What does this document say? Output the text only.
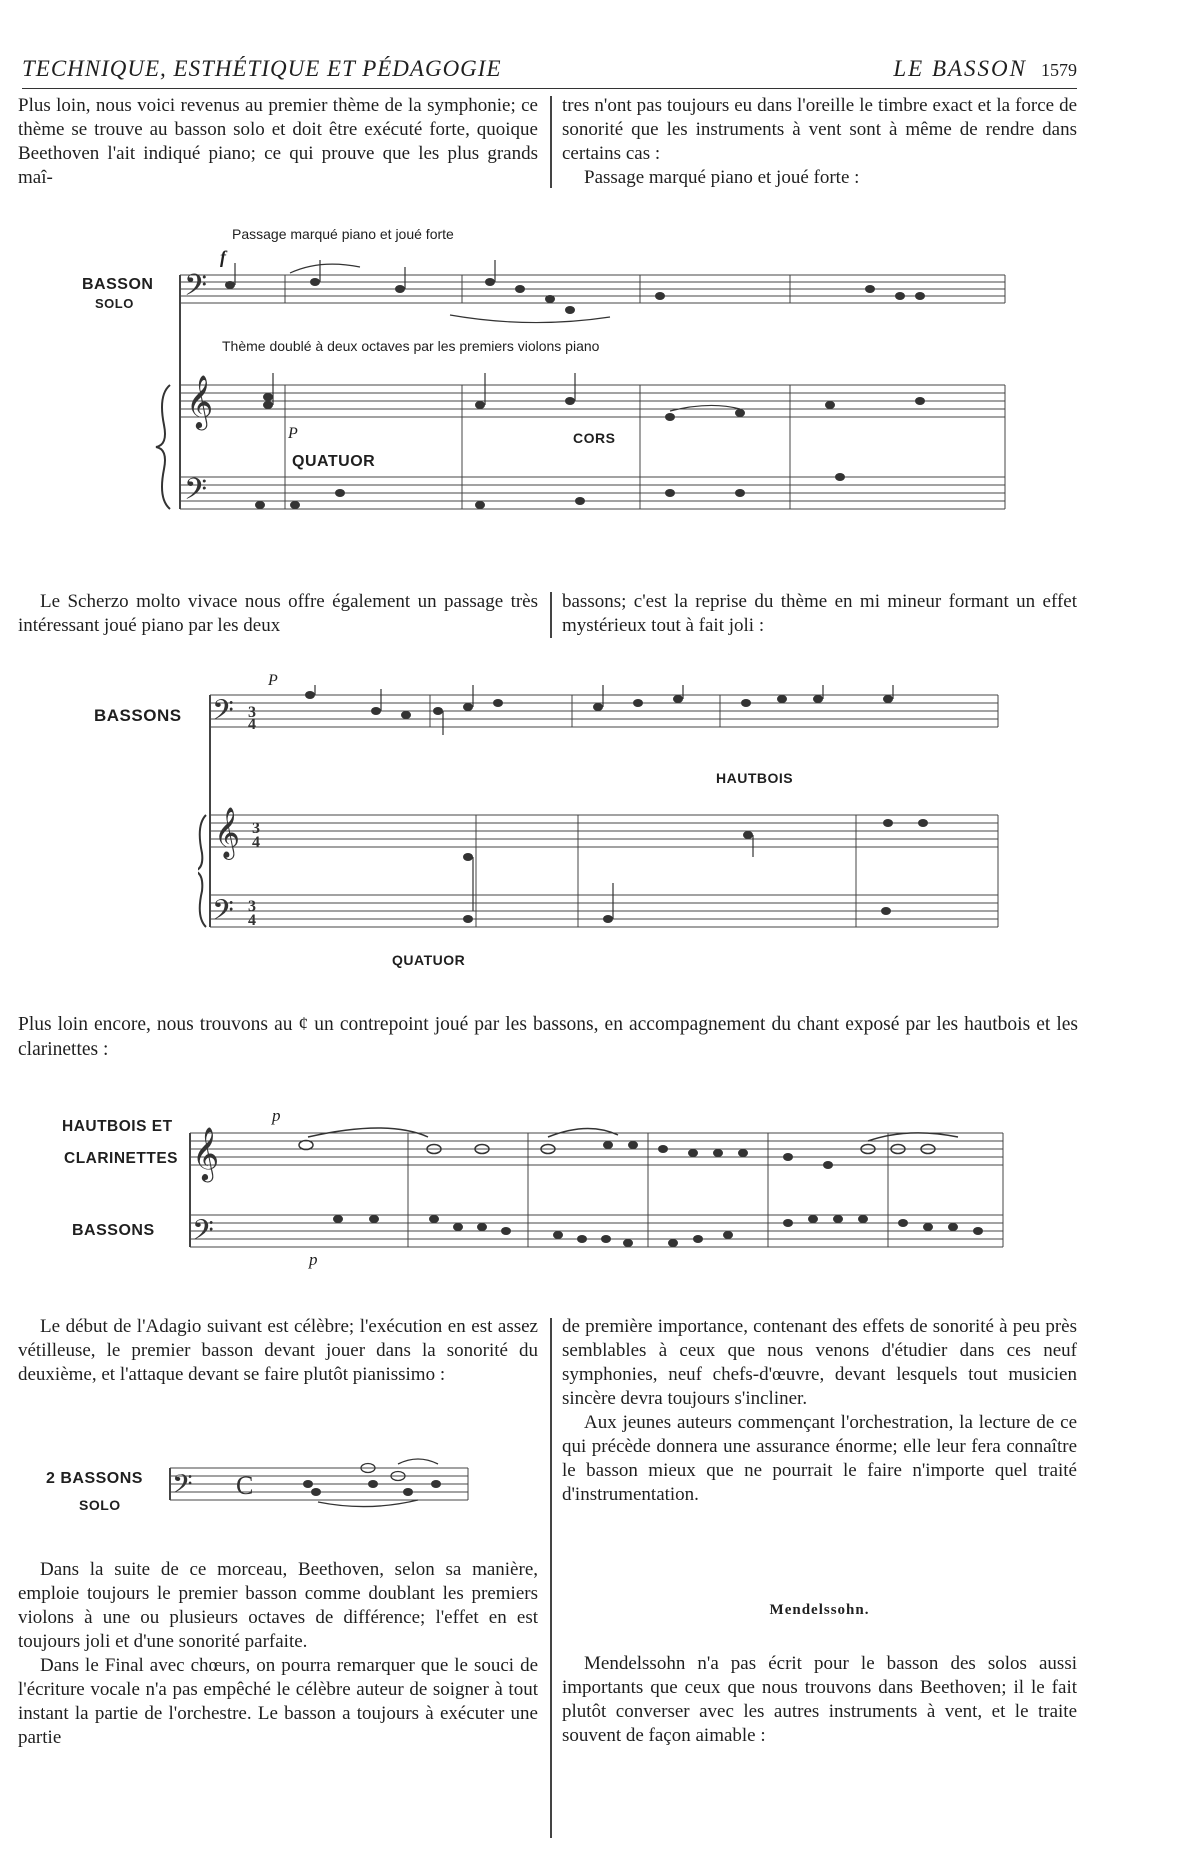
TECHNIQUE, ESTHÉTIQUE ET PÉDAGOGIE	LE BASSON 1579

Plus loin, nous voici revenus au premier thème de la symphonie; ce thème se trouve au basson solo et doit être exécuté forte, quoique Beethoven l'ait indiqué piano; ce qui prouve que les plus grands maî-

tres n'ont pas toujours eu dans l'oreille le timbre exact et la force de sonorité que les instruments à vent sont à même de rendre dans certains cas :

Passage marqué piano et joué forte :

Passage marqué piano et joué forte
BASSON
SOLO
f
Thème doublé à deux octaves par les premiers violons piano
P
QUATUOR
CORS
𝄢
𝄞
𝄢

Le Scherzo molto vivace nous offre également un passage très intéressant joué piano par les deux

bassons; c'est la reprise du thème en mi mineur formant un effet mystérieux tout à fait joli :

BASSONS
HAUTBOIS
QUATUOR
P
𝄢
𝄞
𝄢
3
4
3
4
3
4

Plus loin encore, nous trouvons au ¢ un contrepoint joué par les bassons, en accompagnement du chant exposé par les hautbois et les clarinettes :

HAUTBOIS ET
CLARINETTES
BASSONS
p
p
𝄞
𝄢

Le début de l'Adagio suivant est célèbre; l'exécution en est assez vétilleuse, le premier basson devant jouer dans la sonorité du deuxième, et l'attaque devant se faire plutôt pianissimo :

2 BASSONS
SOLO 𝄢 C

Dans la suite de ce morceau, Beethoven, selon sa manière, emploie toujours le premier basson comme doublant les premiers violons à une ou plusieurs octaves de différence; l'effet en est toujours joli et d'une sonorité parfaite.

Dans le Final avec chœurs, on pourra remarquer que le souci de l'écriture vocale n'a pas empêché le célèbre auteur de soigner à tout instant la partie de l'orchestre. Le basson a toujours à exécuter une partie

de première importance, contenant des effets de sonorité à peu près semblables à ceux que nous venons d'étudier dans ces neuf symphonies, neuf chefs-d'œuvre, devant lesquels tout musicien sincère devra toujours s'incliner.

Aux jeunes auteurs commençant l'orchestration, la lecture de ce qui précède donnera une assurance énorme; elle leur fera connaître le basson mieux que ne pourrait le faire n'importe quel traité d'instrumentation.

Mendelssohn.

Mendelssohn n'a pas écrit pour le basson des solos aussi importants que ceux que nous trouvons dans Beethoven; il le fait plutôt converser avec les autres instruments à vent, et le traite souvent de façon aimable :
